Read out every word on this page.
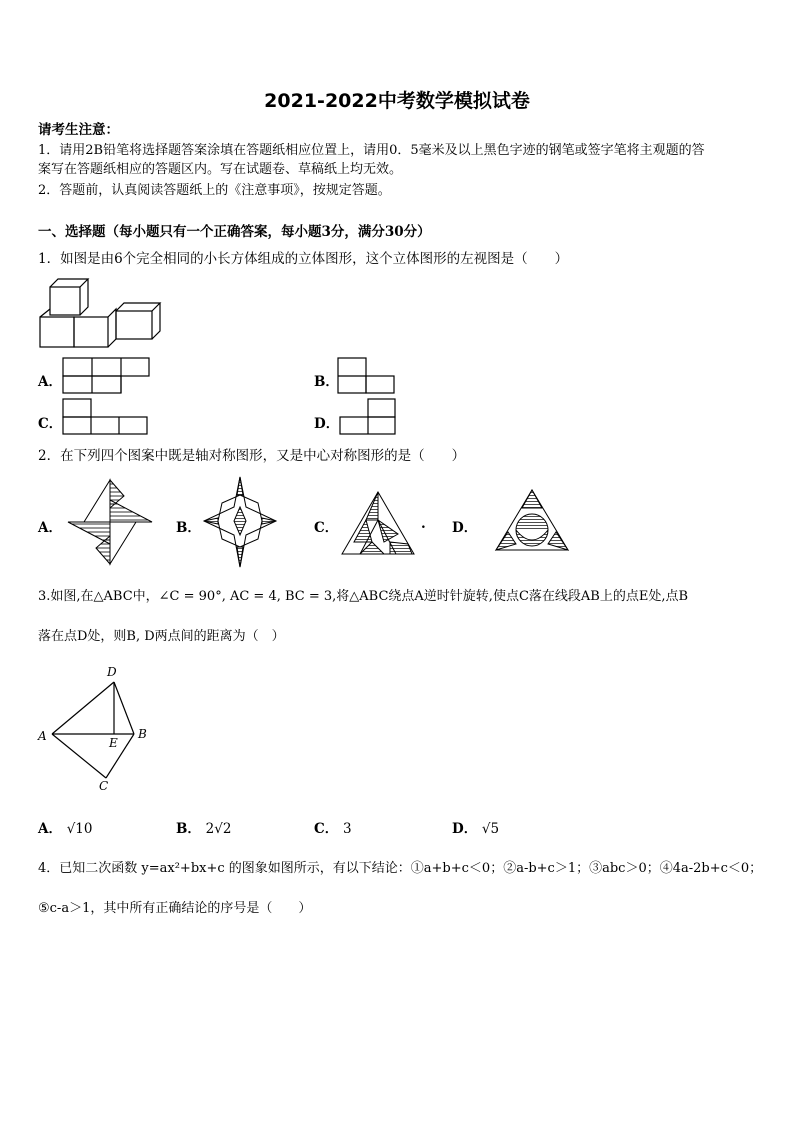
2021-2022中考数学模拟试卷
请考生注意：
1．请用2B铅笔将选择题答案涂填在答题纸相应位置上，请用0．5毫米及以上黑色字迹的钢笔或签字笔将主观题的答
案写在答题纸相应的答题区内。写在试题卷、草稿纸上均无效。
2．答题前，认真阅读答题纸上的《注意事项》，按规定答题。
一、选择题（每小题只有一个正确答案，每小题3分，满分30分）
1．如图是由6个完全相同的小长方体组成的立体图形，这个立体图形的左视图是（　　）
A．	B．
C．	D．
2．在下列四个图案中既是轴对称图形，又是中心对称图形的是（　　）
A．	B．	C．	. D．
3.如图,在△ABC中，∠C = 90°, AC = 4, BC = 3,将△ABC绕点A逆时针旋转,使点C落在线段AB上的点E处,点B
落在点D处，则B, D两点间的距离为（　）
D
A	E
B
C
A． √10	B． 2√2	C． 3	D． √5
4．已知二次函数 y=ax²+bx+c 的图象如图所示，有以下结论：①a+b+c＜0；②a-b+c＞1；③abc＞0；④4a-2b+c＜0；
⑤c-a＞1，其中所有正确结论的序号是（　　）
